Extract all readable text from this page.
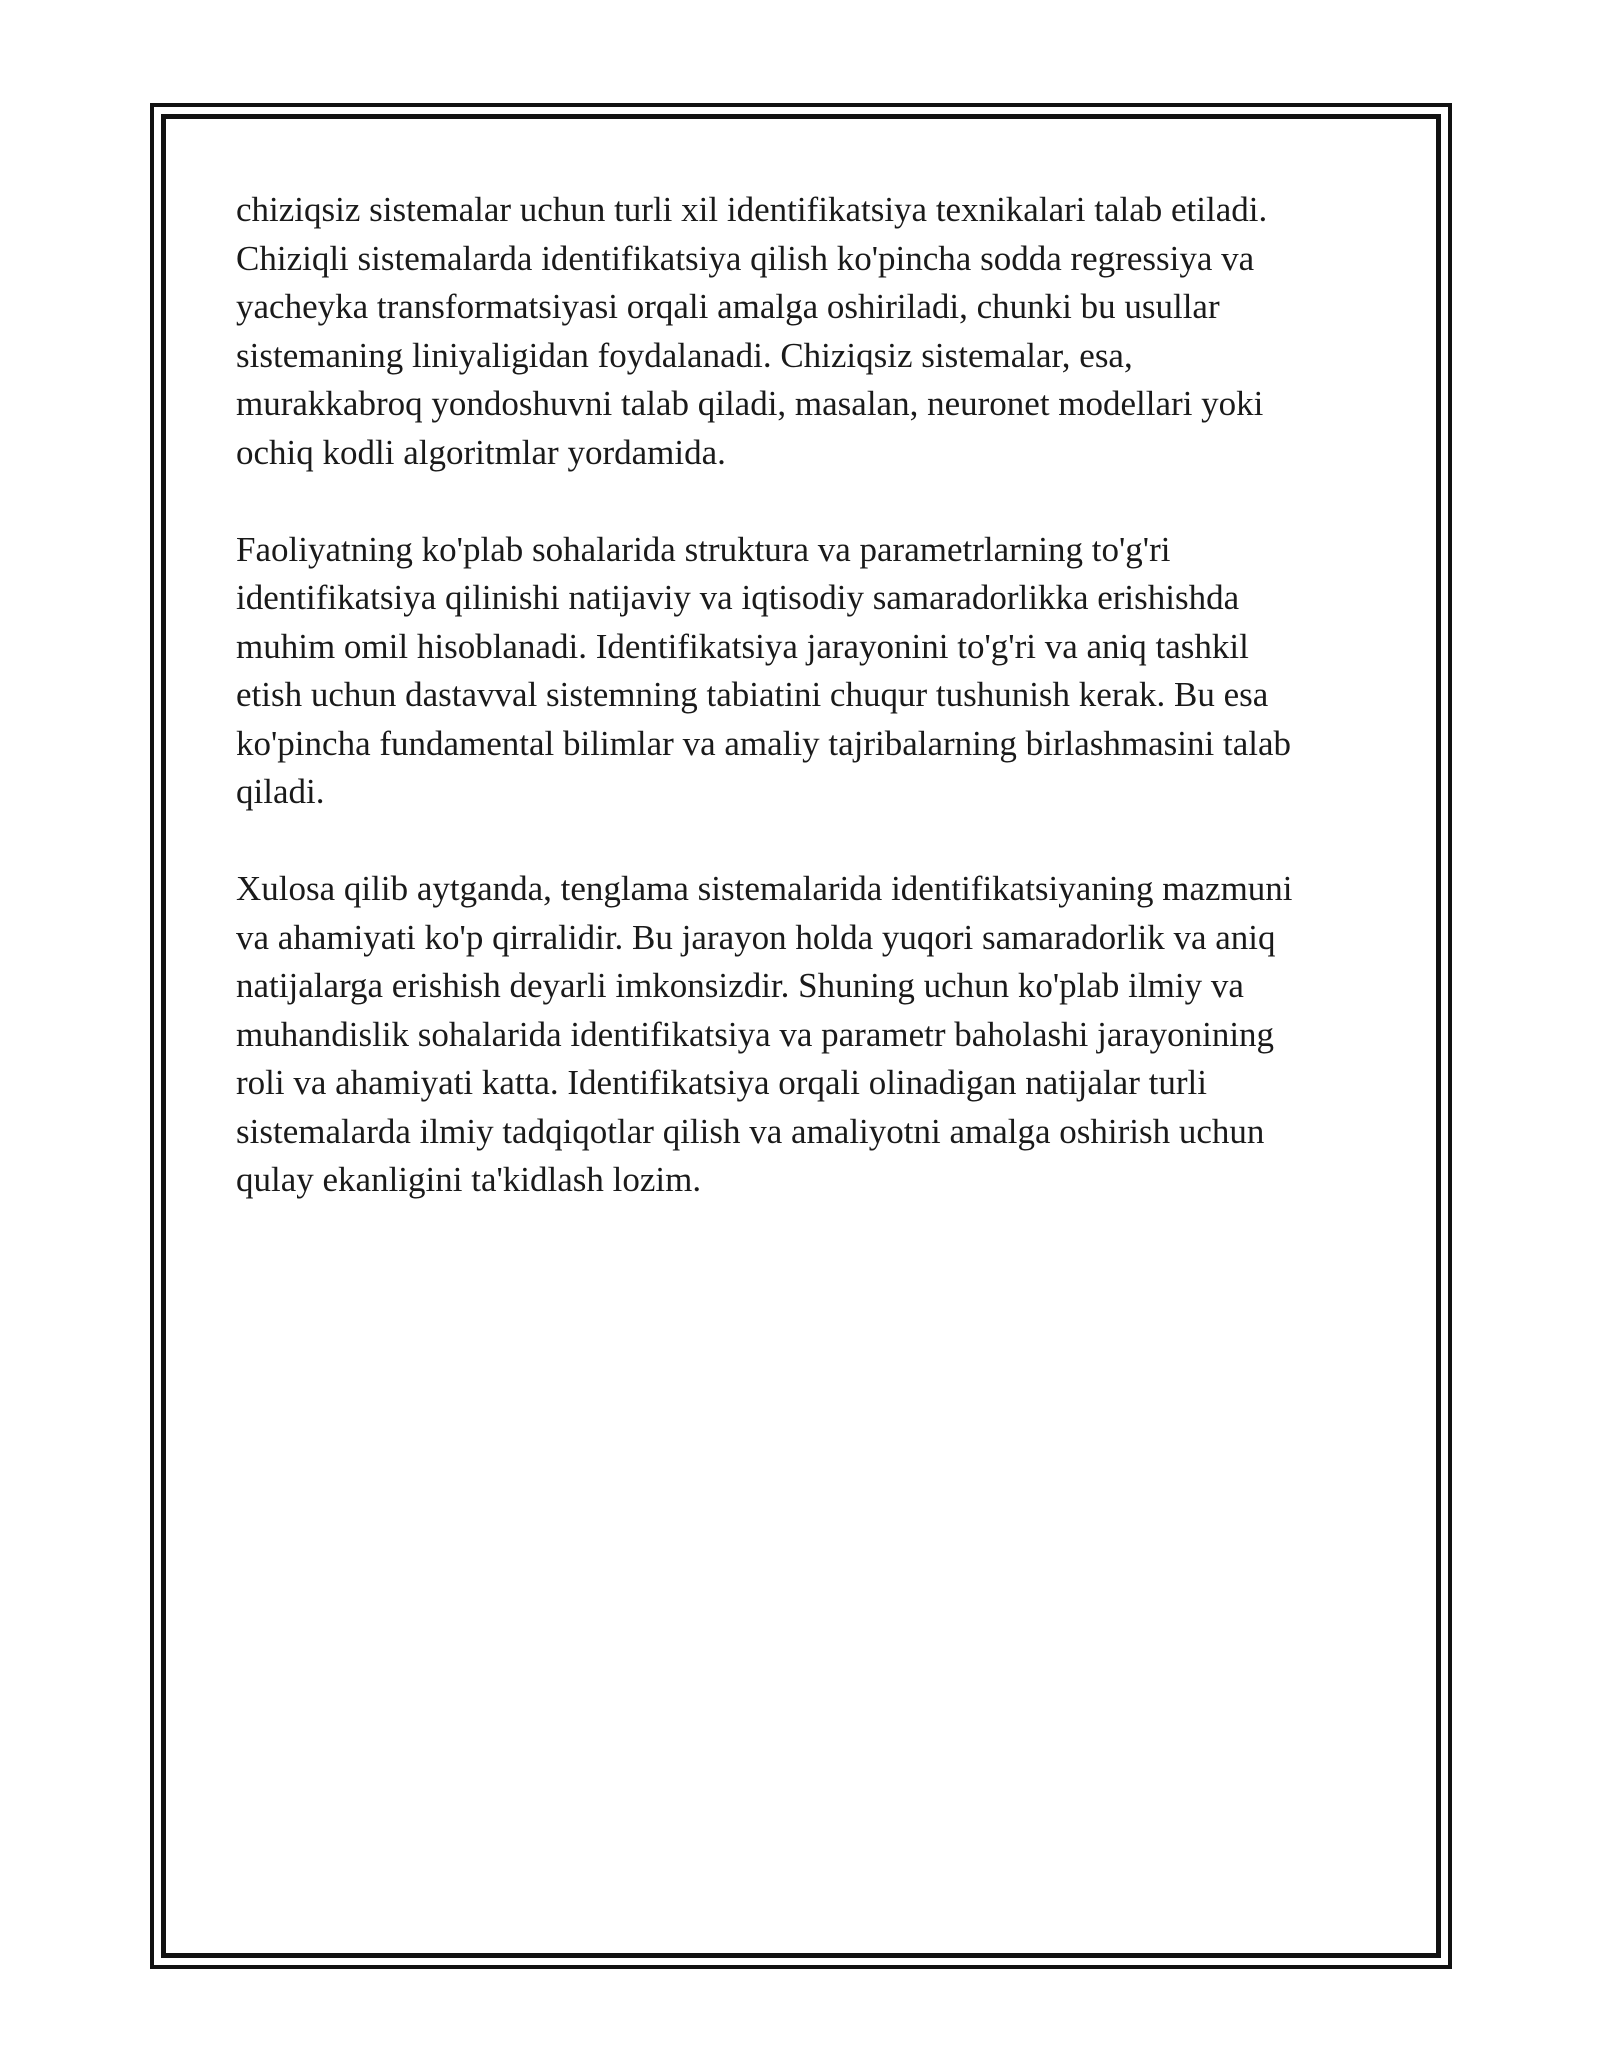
chiziqsiz sistemalar uchun turli xil identifikatsiya texnikalari talab etiladi.
Chiziqli sistemalarda identifikatsiya qilish ko'pincha sodda regressiya va
yacheyka transformatsiyasi orqali amalga oshiriladi, chunki bu usullar
sistemaning liniyaligidan foydalanadi. Chiziqsiz sistemalar, esa,
murakkabroq yondoshuvni talab qiladi, masalan, neuronet modellari yoki
ochiq kodli algoritmlar yordamida.

Faoliyatning ko'plab sohalarida struktura va parametrlarning to'g'ri
identifikatsiya qilinishi natijaviy va iqtisodiy samaradorlikka erishishda
muhim omil hisoblanadi. Identifikatsiya jarayonini to'g'ri va aniq tashkil
etish uchun dastavval sistemning tabiatini chuqur tushunish kerak. Bu esa
ko'pincha fundamental bilimlar va amaliy tajribalarning birlashmasini talab
qiladi.

Xulosa qilib aytganda, tenglama sistemalarida identifikatsiyaning mazmuni
va ahamiyati ko'p qirralidir. Bu jarayon holda yuqori samaradorlik va aniq
natijalarga erishish deyarli imkonsizdir. Shuning uchun ko'plab ilmiy va
muhandislik sohalarida identifikatsiya va parametr baholashi jarayonining
roli va ahamiyati katta. Identifikatsiya orqali olinadigan natijalar turli
sistemalarda ilmiy tadqiqotlar qilish va amaliyotni amalga oshirish uchun
qulay ekanligini ta'kidlash lozim.
